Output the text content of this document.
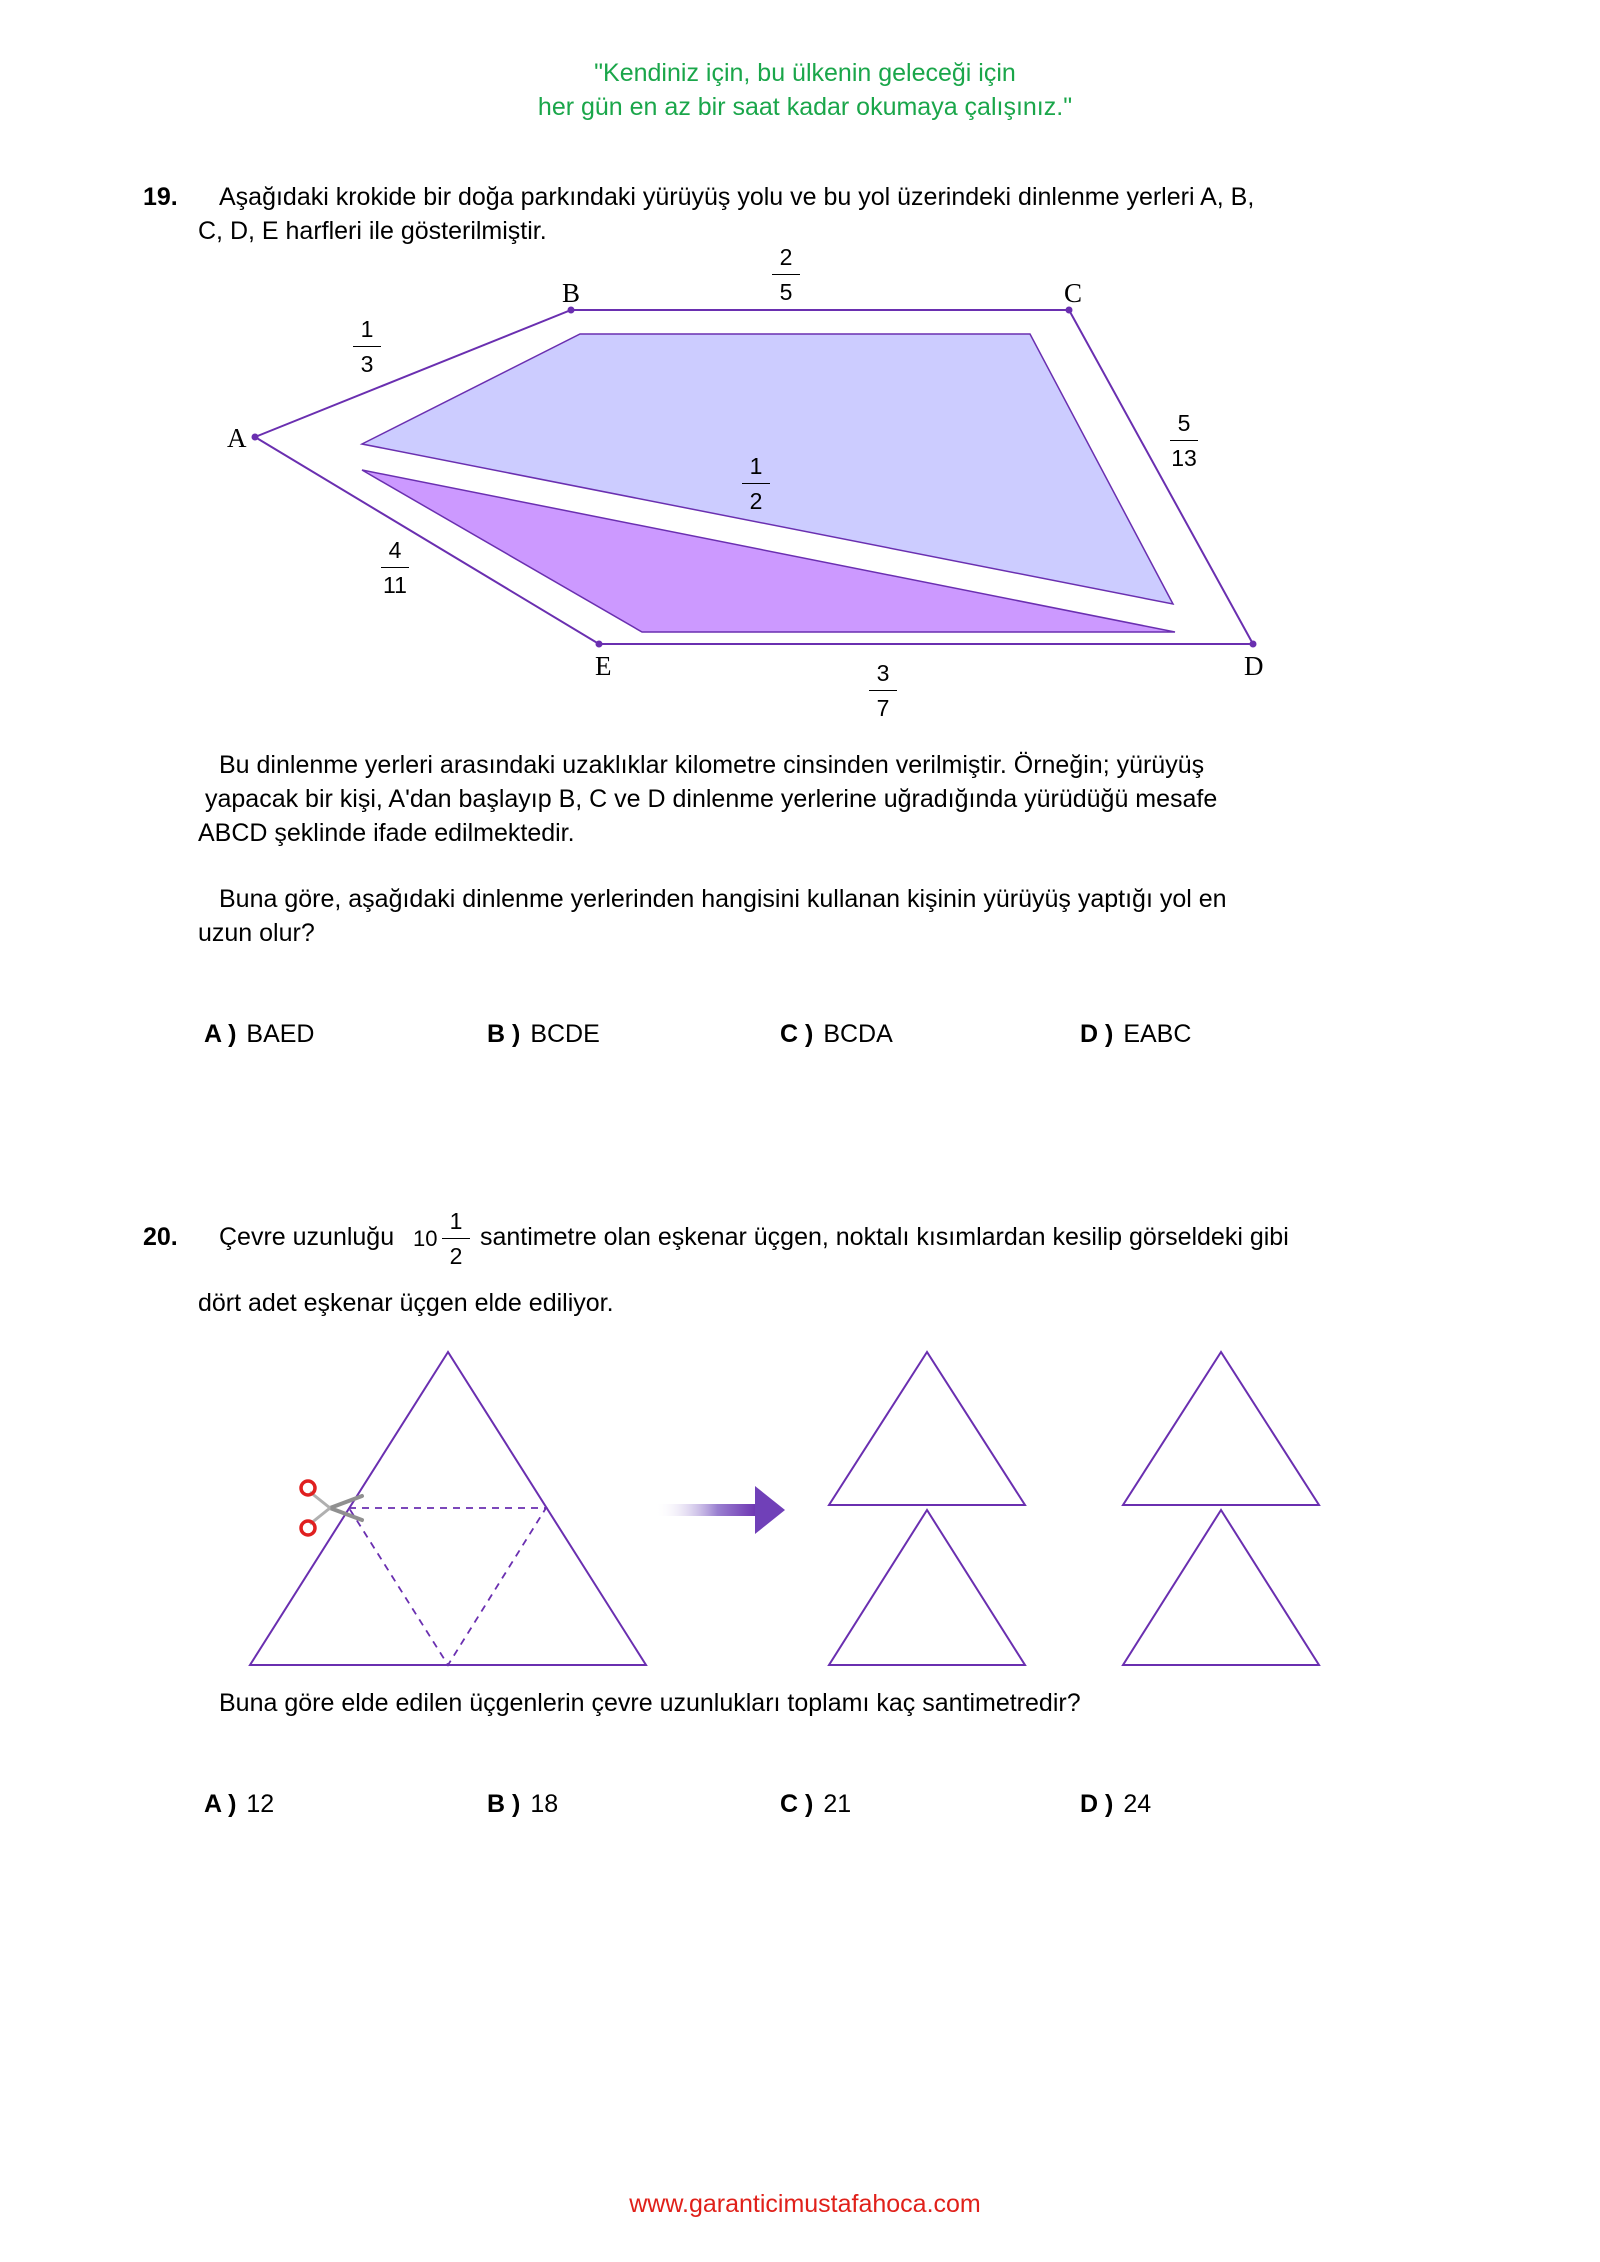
"Kendiniz için, bu ülkenin geleceği için
her gün en az bir saat kadar okumaya çalışınız."
19. Aşağıdaki krokide bir doğa parkındaki yürüyüş yolu ve bu yol üzerindeki dinlenme yerleri A, B,
C, D, E harfleri ile gösterilmiştir.
A
B	C
D
E
1
3
2
5
5
13
1
2
4
11
3
7
Bu dinlenme yerleri arasındaki uzaklıklar kilometre cinsinden verilmiştir. Örneğin; yürüyüş
yapacak bir kişi, A'dan başlayıp B, C ve D dinlenme yerlerine uğradığında yürüdüğü mesafe
ABCD şeklinde ifade edilmektedir.
Buna göre, aşağıdaki dinlenme yerlerinden hangisini kullanan kişinin yürüyüş yaptığı yol en
uzun olur?
A ) BAED	B ) BCDE	C ) BCDA	D ) EABC
20. Çevre uzunluğu 10
1
2
santimetre olan eşkenar üçgen, noktalı kısımlardan kesilip görseldeki gibi
dört adet eşkenar üçgen elde ediliyor.
Buna göre elde edilen üçgenlerin çevre uzunlukları toplamı kaç santimetredir?
A ) 12	B ) 18	C ) 21	D ) 24
www.garanticimustafahoca.com
